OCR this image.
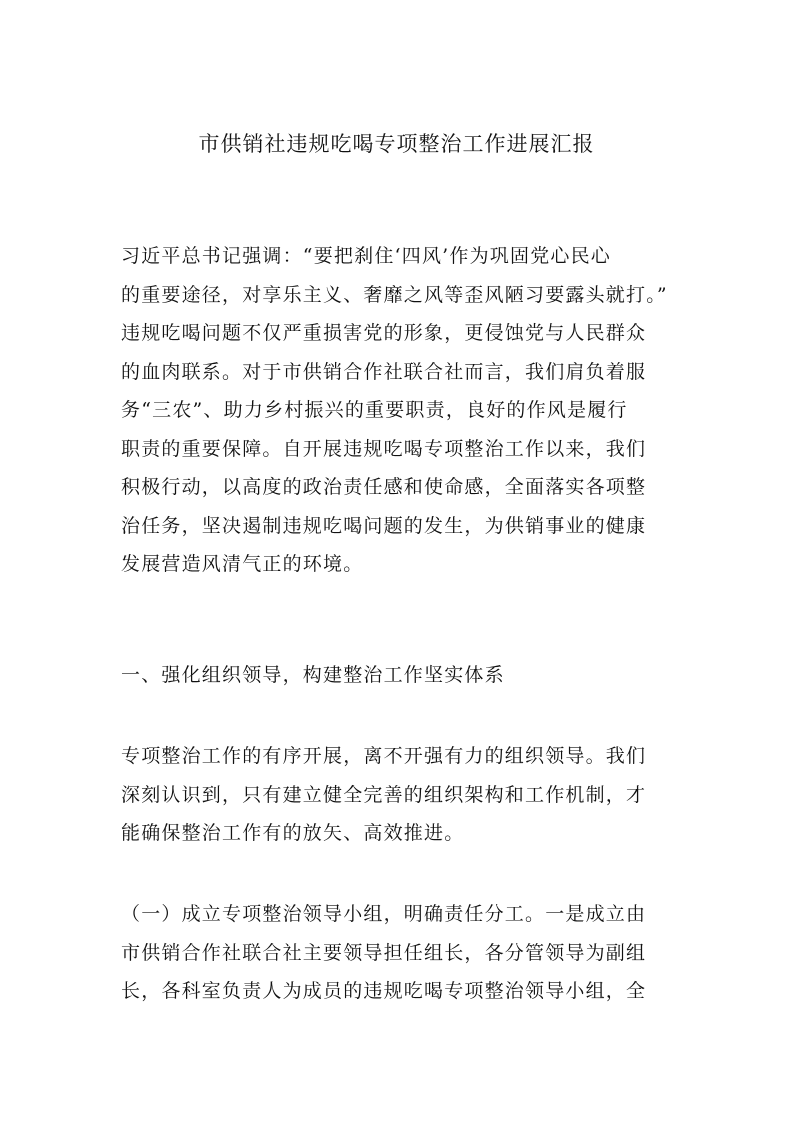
市供销社违规吃喝专项整治工作进展汇报

习近平总书记强调：“要把刹住‘四风’作为巩固党心民心
的重要途径，对享乐主义、奢靡之风等歪风陋习要露头就打。”
违规吃喝问题不仅严重损害党的形象，更侵蚀党与人民群众
的血肉联系。对于市供销合作社联合社而言，我们肩负着服
务“三农”、助力乡村振兴的重要职责，良好的作风是履行
职责的重要保障。自开展违规吃喝专项整治工作以来，我们
积极行动，以高度的政治责任感和使命感，全面落实各项整
治任务，坚决遏制违规吃喝问题的发生，为供销事业的健康
发展营造风清气正的环境。

一、强化组织领导，构建整治工作坚实体系

专项整治工作的有序开展，离不开强有力的组织领导。我们
深刻认识到，只有建立健全完善的组织架构和工作机制，才
能确保整治工作有的放矢、高效推进。

（一）成立专项整治领导小组，明确责任分工。一是成立由
市供销合作社联合社主要领导担任组长，各分管领导为副组
长，各科室负责人为成员的违规吃喝专项整治领导小组，全
